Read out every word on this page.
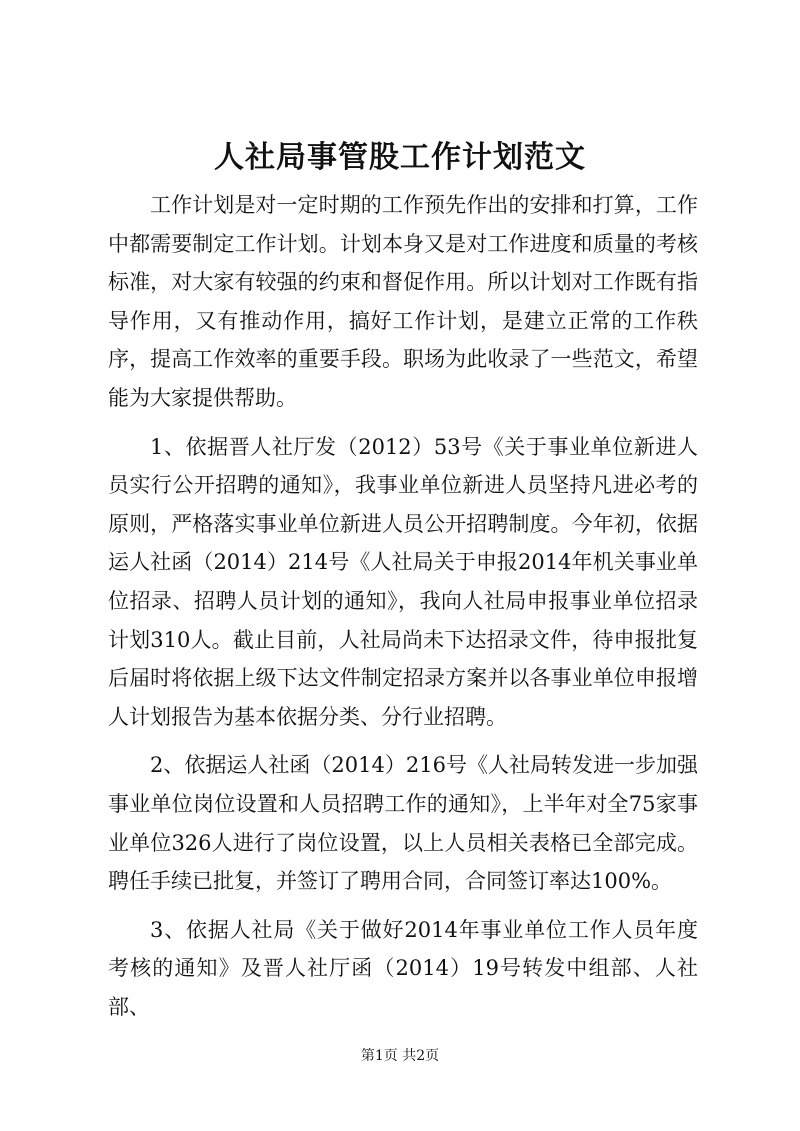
人社局事管股工作计划范文

工作计划是对一定时期的工作预先作出的安排和打算，工作中都需要制定工作计划。计划本身又是对工作进度和质量的考核标准，对大家有较强的约束和督促作用。所以计划对工作既有指导作用，又有推动作用，搞好工作计划，是建立正常的工作秩序，提高工作效率的重要手段。职场为此收录了一些范文，希望能为大家提供帮助。

1、依据晋人社厅发（2012）53号《关于事业单位新进人员实行公开招聘的通知》，我事业单位新进人员坚持凡进必考的原则，严格落实事业单位新进人员公开招聘制度。今年初，依据运人社函（2014）214号《人社局关于申报2014年机关事业单位招录、招聘人员计划的通知》，我向人社局申报事业单位招录计划310人。截止目前，人社局尚未下达招录文件，待申报批复后届时将依据上级下达文件制定招录方案并以各事业单位申报增人计划报告为基本依据分类、分行业招聘。

2、依据运人社函（2014）216号《人社局转发进一步加强事业单位岗位设置和人员招聘工作的通知》，上半年对全75家事业单位326人进行了岗位设置，以上人员相关表格已全部完成。聘任手续已批复，并签订了聘用合同，合同签订率达100%。

3、依据人社局《关于做好2014年事业单位工作人员年度考核的通知》及晋人社厅函（2014）19号转发中组部、人社部、

第1页 共2页
